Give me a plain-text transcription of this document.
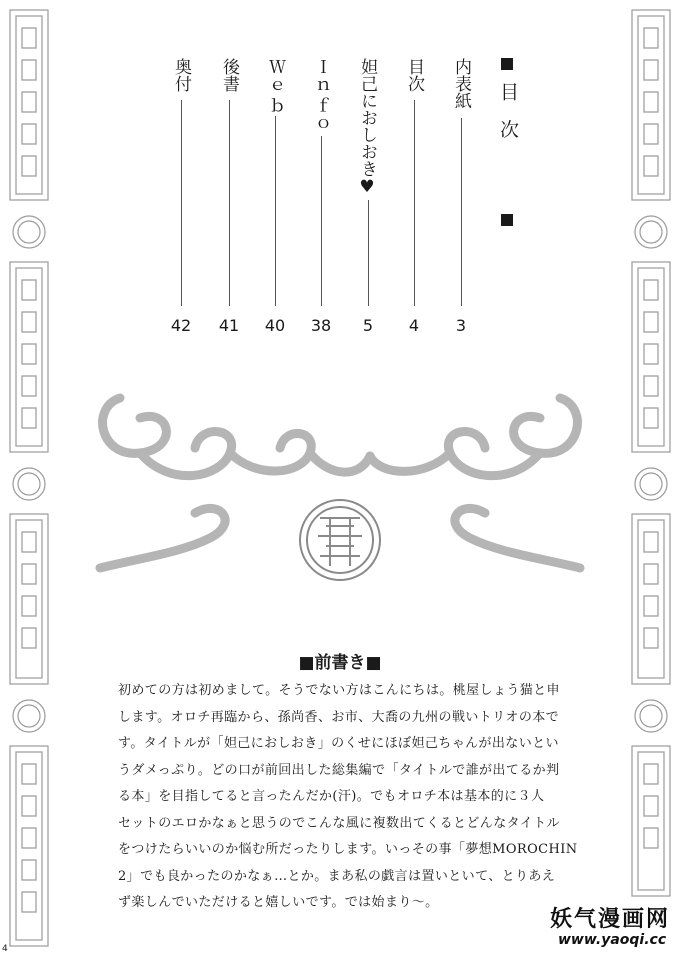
目 次
内表紙
3
目次
4
妲己におしおき♥
5
Ｉｎｆｏ
38
Ｗｅｂ
40
後書
41
奥付
42
■前書き■
初めての方は初めまして。そうでない方はこんにちは。桃屋しょう猫と申
します。オロチ再臨から、孫尚香、お市、大喬の九州の戦いトリオの本で
す。タイトルが「妲己におしおき」のくせにほぼ妲己ちゃんが出ないとい
うダメっぷり。どの口が前回出した総集編で「タイトルで誰が出てるか判
る本」を目指してると言ったんだか(汗)。でもオロチ本は基本的に３人
セットのエロかなぁと思うのでこんな風に複数出てくるとどんなタイトル
をつけたらいいのか悩む所だったりします。いっその事「夢想MOROCHIN
2」でも良かったのかなぁ…とか。まあ私の戯言は置いといて、とりあえ
ず楽しんでいただけると嬉しいです。では始まり〜。
4
妖气漫画网
www.yaoqi.cc
